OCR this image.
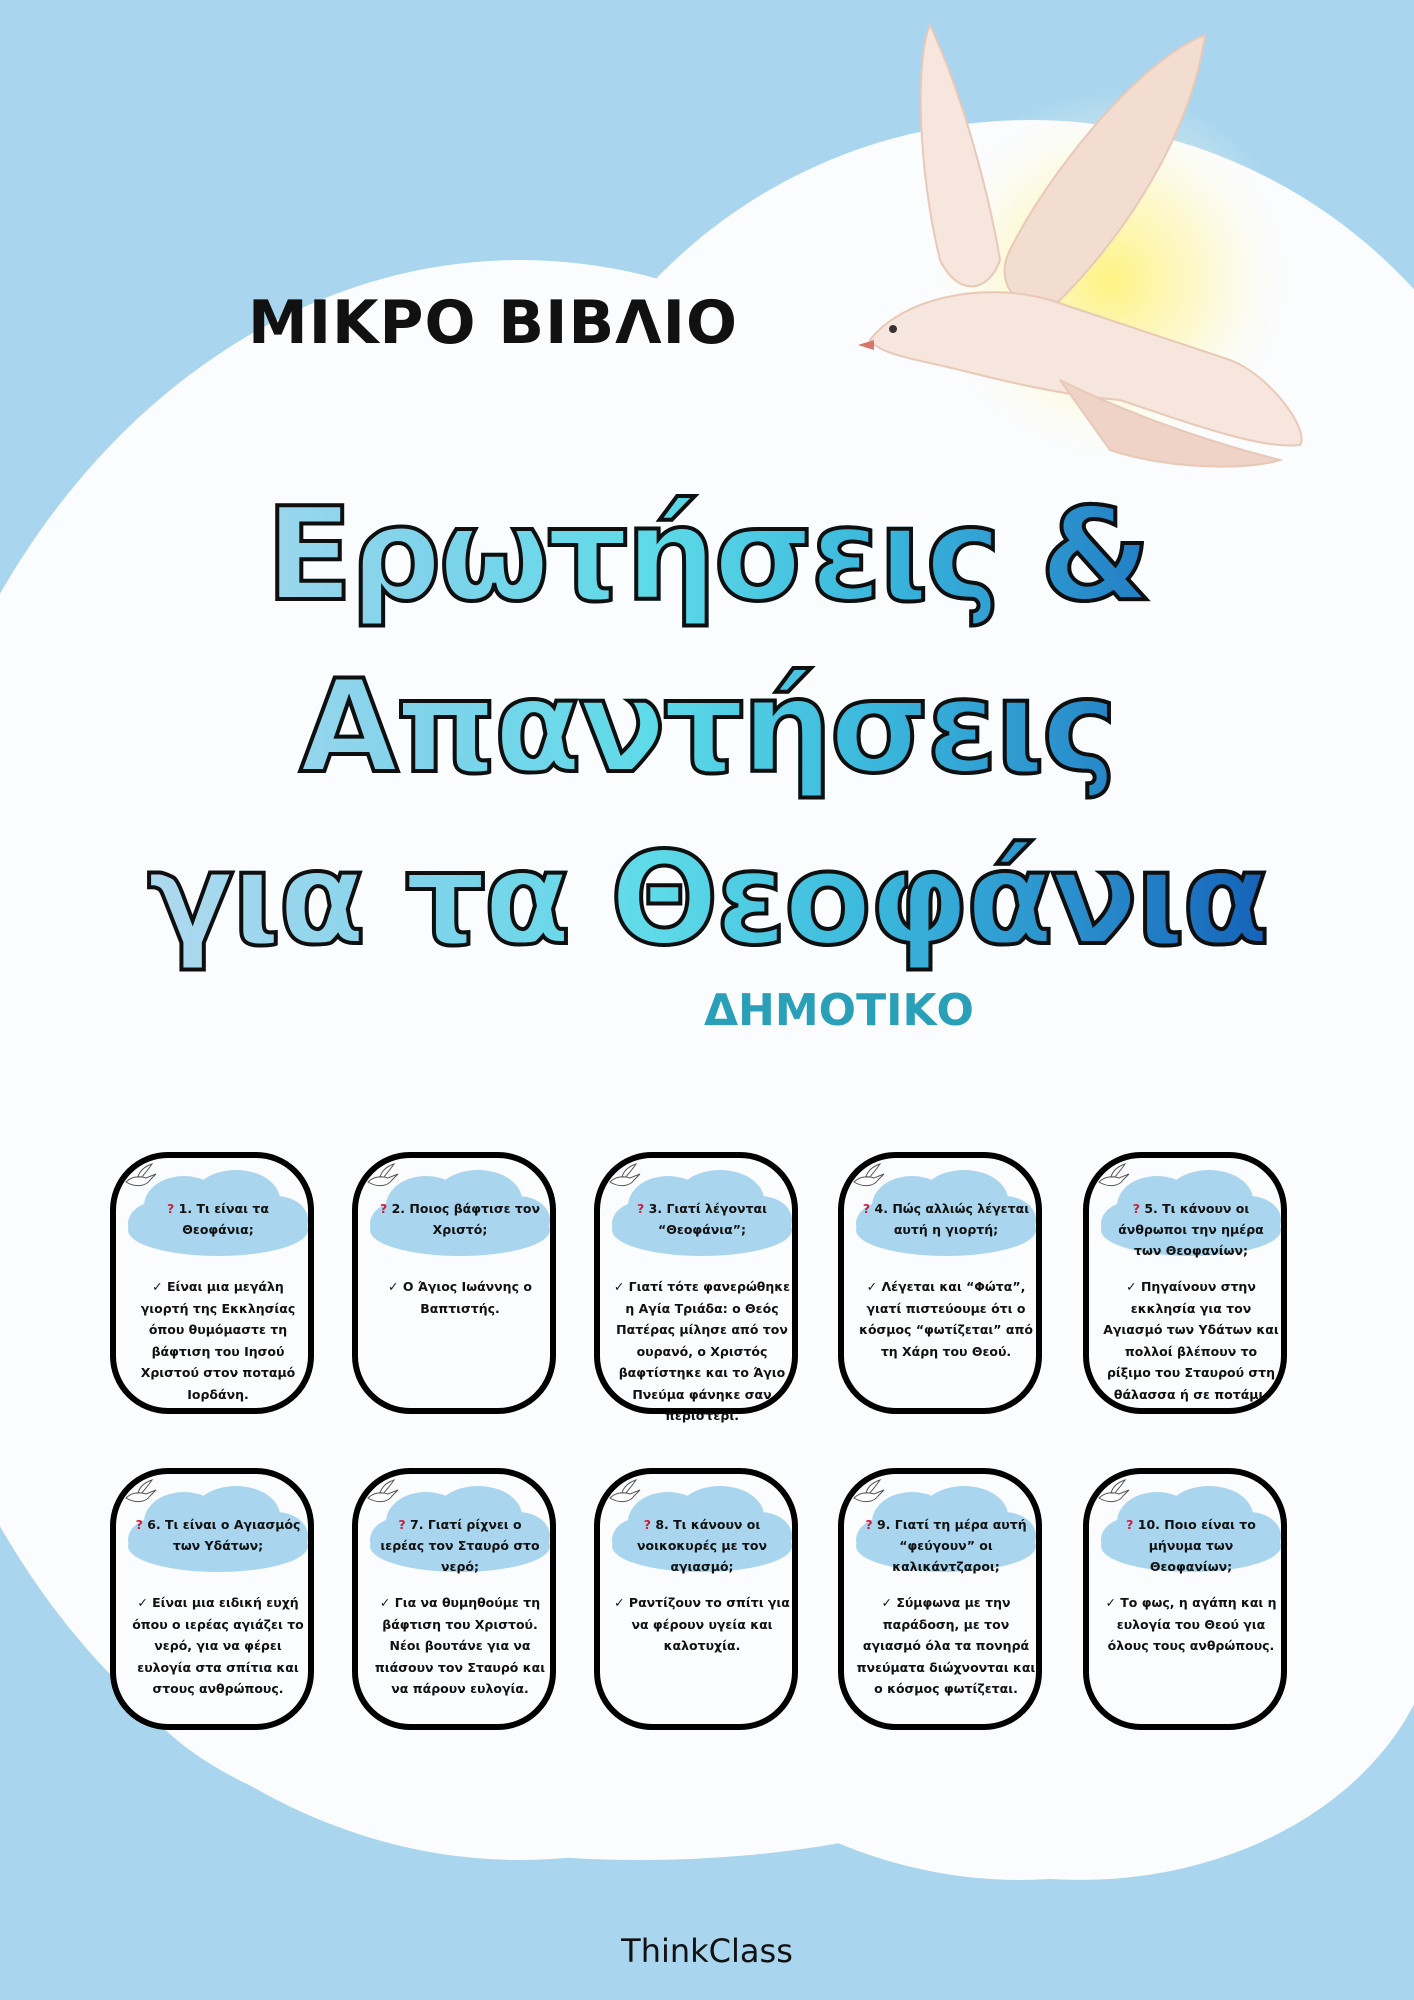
ΜΙΚΡΟ ΒΙΒΛΙΟ

Ερωτήσεις &
Απαντήσεις
για τα Θεοφάνια

ΔΗΜΟΤΙΚΟ

? 1. Τι είναι τα Θεοφάνια;

✓ Είναι μια μεγάλη γιορτή της Εκκλησίας όπου θυμόμαστε τη βάφτιση του Ιησού Χριστού στον ποταμό Ιορδάνη.

? 2. Ποιος βάφτισε τον Χριστό;

✓ Ο Άγιος Ιωάννης ο Βαπτιστής.

? 3. Γιατί λέγονται “Θεοφάνια”;

✓ Γιατί τότε φανερώθηκε η Αγία Τριάδα: ο Θεός Πατέρας μίλησε από τον ουρανό, ο Χριστός βαφτίστηκε και το Άγιο Πνεύμα φάνηκε σαν περιστέρι.

? 4. Πώς αλλιώς λέγεται αυτή η γιορτή;

✓ Λέγεται και “Φώτα”, γιατί πιστεύουμε ότι ο κόσμος “φωτίζεται” από τη Χάρη του Θεού.

? 5. Τι κάνουν οι άνθρωποι την ημέρα των Θεοφανίων;

✓ Πηγαίνουν στην εκκλησία για τον Αγιασμό των Υδάτων και πολλοί βλέπουν το ρίξιμο του Σταυρού στη θάλασσα ή σε ποτάμι.

? 6. Τι είναι ο Αγιασμός των Υδάτων;

✓ Είναι μια ειδική ευχή όπου ο ιερέας αγιάζει το νερό, για να φέρει ευλογία στα σπίτια και στους ανθρώπους.

? 7. Γιατί ρίχνει ο ιερέας τον Σταυρό στο νερό;

✓ Για να θυμηθούμε τη βάφτιση του Χριστού. Νέοι βουτάνε για να πιάσουν τον Σταυρό και να πάρουν ευλογία.

? 8. Τι κάνουν οι νοικοκυρές με τον αγιασμό;

✓ Ραντίζουν το σπίτι για να φέρουν υγεία και καλοτυχία.

? 9. Γιατί τη μέρα αυτή “φεύγουν” οι καλικάντζαροι;

✓ Σύμφωνα με την παράδοση, με τον αγιασμό όλα τα πονηρά πνεύματα διώχνονται και ο κόσμος φωτίζεται.

? 10. Ποιο είναι το μήνυμα των Θεοφανίων;

✓ Το φως, η αγάπη και η ευλογία του Θεού για όλους τους ανθρώπους.

ThinkClass
